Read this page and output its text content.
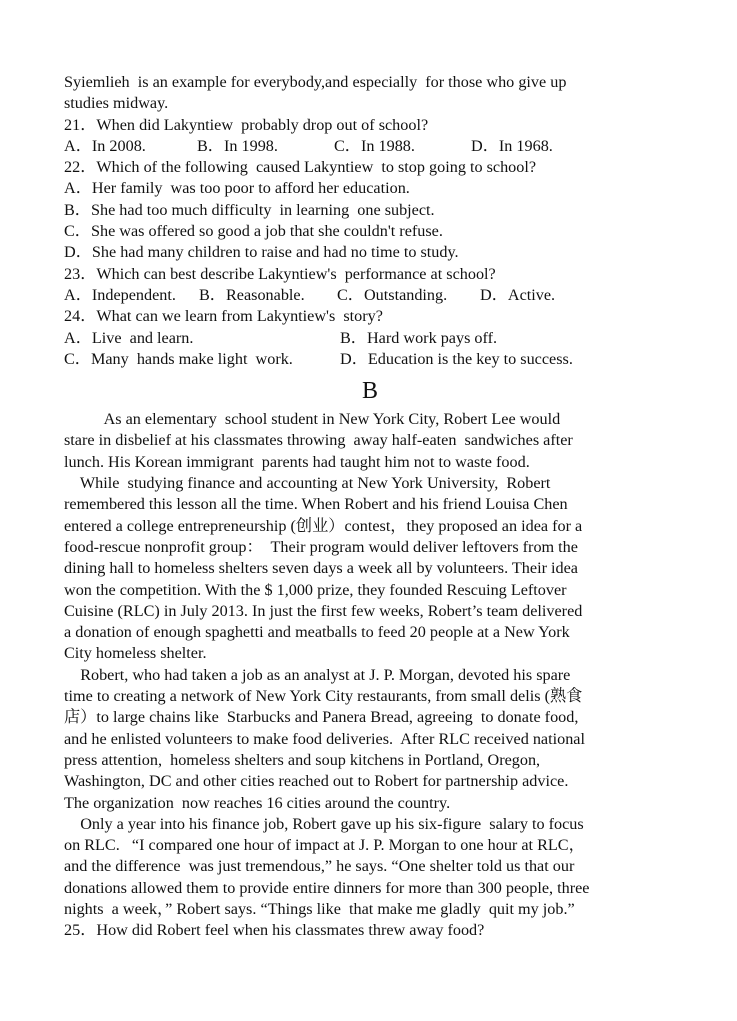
Syiemlieh  is an example for everybody,and especially  for those who give up
studies midway.
21．When did Lakyntiew  probably drop out of school?
A．In 2008.	B．In 1998.	C．In 1988.	D．In 1968.
22．Which of the following  caused Lakyntiew  to stop going to school?
A．Her family  was too poor to afford her education.
B．She had too much difficulty  in learning  one subject.
C．She was offered so good a job that she couldn't refuse.
D．She had many children to raise and had no time to study.
23．Which can best describe Lakyntiew's  performance at school?
A．Independent.	B．Reasonable.	C．Outstanding.	D．Active.
24．What can we learn from Lakyntiew's  story?
A．Live  and learn.	B．Hard work pays off.
C．Many  hands make light  work.	D．Education is the key to success.
B
As an elementary  school student in New York City, Robert Lee would
stare in disbelief at his classmates throwing  away half-eaten  sandwiches after
lunch. His Korean immigrant  parents had taught him not to waste food.
While  studying finance and accounting at New York University,  Robert
remembered this lesson all the time. When Robert and his friend Louisa Chen
entered a college entrepreneurship (创业）contest，they proposed an idea for a
food-rescue nonprofit group：  Their program would deliver leftovers from the
dining hall to homeless shelters seven days a week all by volunteers. Their idea
won the competition. With the $ 1,000 prize, they founded Rescuing Leftover
Cuisine (RLC) in July 2013. In just the first few weeks, Robert’s team delivered
a donation of enough spaghetti and meatballs to feed 20 people at a New York
City homeless shelter.
Robert, who had taken a job as an analyst at J. P. Morgan, devoted his spare
time to creating a network of New York City restaurants, from small delis (熟食
店）to large chains like  Starbucks and Panera Bread, agreeing  to donate food,
and he enlisted volunteers to make food deliveries.  After RLC received national
press attention,  homeless shelters and soup kitchens in Portland, Oregon,
Washington, DC and other cities reached out to Robert for partnership advice.
The organization  now reaches 16 cities around the country.
Only a year into his finance job, Robert gave up his six-figure  salary to focus
on RLC.   “I compared one hour of impact at J. P. Morgan to one hour at RLC，
and the difference  was just tremendous,” he says. “One shelter told us that our
donations allowed them to provide entire dinners for more than 300 people, three
nights  a week，” Robert says. “Things like  that make me gladly  quit my job.”
25．How did Robert feel when his classmates threw away food?
